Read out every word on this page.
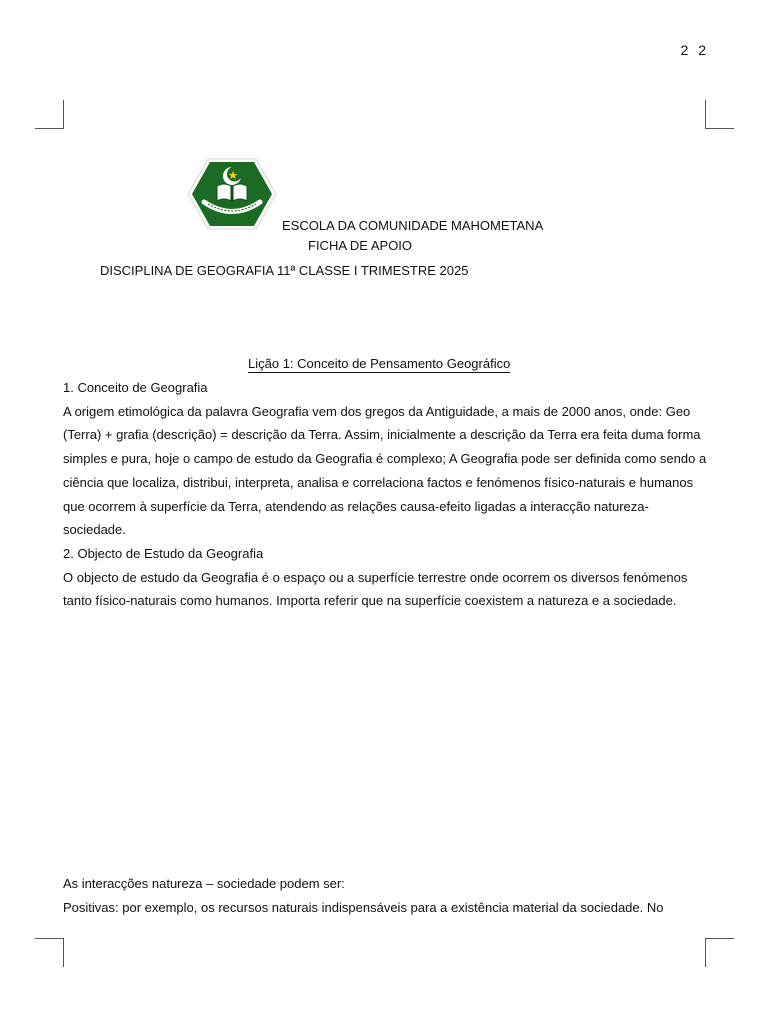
2 2
ESCOLA DA COMUNIDADE MAHOMETANA
FICHA DE APOIO
DISCIPLINA DE GEOGRAFIA 11ª CLASSE I TRIMESTRE 2025
Lição 1: Conceito de Pensamento Geográfico

1. Conceito de Geografia

A origem etimológica da palavra Geografia vem dos gregos da Antiguidade, a mais de 2000 anos, onde: Geo (Terra) + grafia (descrição) = descrição da Terra. Assim, inicialmente a descrição da Terra era feita duma forma simples e pura, hoje o campo de estudo da Geografia é complexo; A Geografia pode ser definida como sendo a ciência que localiza, distribui, interpreta, analisa e correlaciona factos e fenómenos físico-naturais e humanos que ocorrem à superfície da Terra, atendendo as relações causa-efeito ligadas a interacção natureza-sociedade.

2. Objecto de Estudo da Geografia

O objecto de estudo da Geografia é o espaço ou a superfície terrestre onde ocorrem os diversos fenómenos tanto físico-naturais como humanos. Importa referir que na superfície coexistem a natureza e a sociedade.

As interacções natureza – sociedade podem ser:

Positivas: por exemplo, os recursos naturais indispensáveis para a existência material da sociedade. No
